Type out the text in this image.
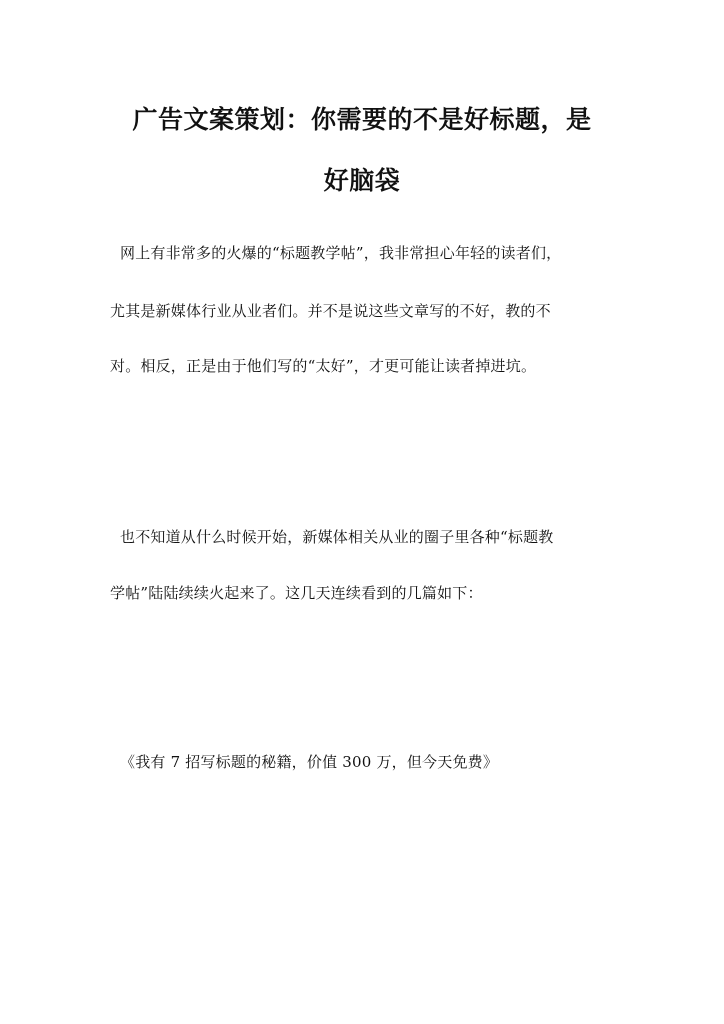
广告文案策划：你需要的不是好标题，是
好脑袋
网上有非常多的火爆的“标题教学帖”，我非常担心年轻的读者们，
尤其是新媒体行业从业者们。并不是说这些文章写的不好，教的不
对。相反，正是由于他们写的“太好”，才更可能让读者掉进坑。
也不知道从什么时候开始，新媒体相关从业的圈子里各种“标题教
学帖”陆陆续续火起来了。这几天连续看到的几篇如下：
《我有 7 招写标题的秘籍，价值 300 万，但今天免费》
